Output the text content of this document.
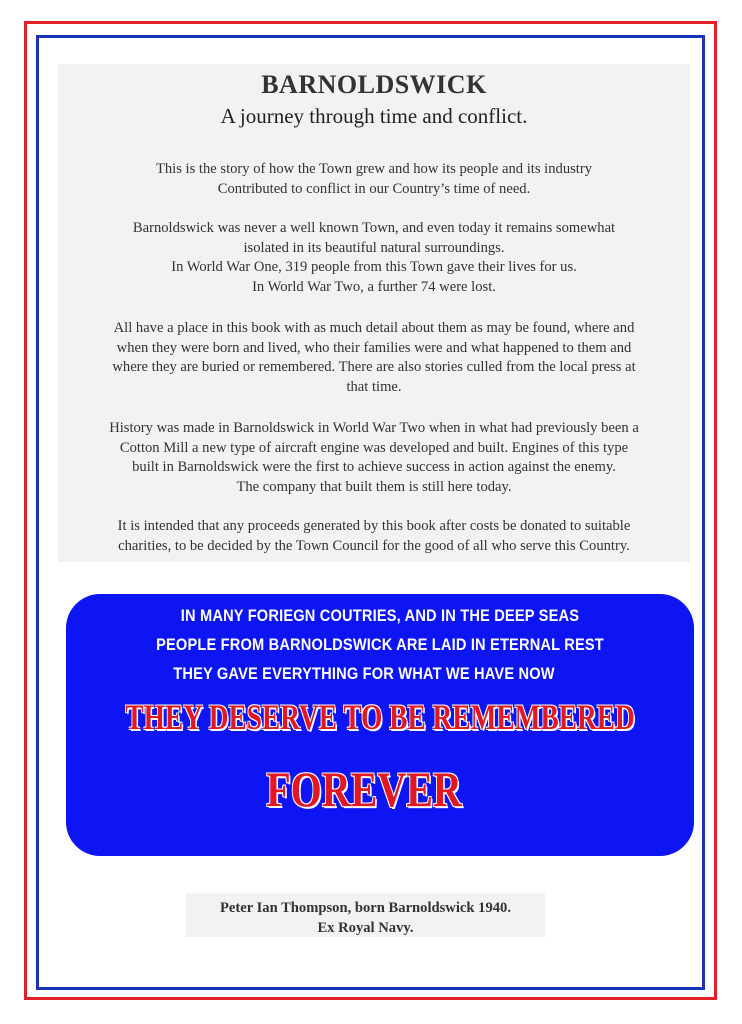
BARNOLDSWICK
A journey through time and conflict.
This is the story of how the Town grew and how its people and its industry
Contributed to conflict in our Country’s time of need.
Barnoldswick was never a well known Town, and even today it remains somewhat
isolated in its beautiful natural surroundings.
In World War One, 319 people from this Town gave their lives for us.
In World War Two, a further 74 were lost.
All have a place in this book with as much detail about them as may be found, where and
when they were born and lived, who their families were and what happened to them and
where they are buried or remembered. There are also stories culled from the local press at
that time.
History was made in Barnoldswick in World War Two when in what had previously been a
Cotton Mill a new type of aircraft engine was developed and built. Engines of this type
built in Barnoldswick were the first to achieve success in action against the enemy.
The company that built them is still here today.
It is intended that any proceeds generated by this book after costs be donated to suitable
charities, to be decided by the Town Council for the good of all who serve this Country.
IN MANY FORIEGN COUTRIES, AND IN THE DEEP SEAS
PEOPLE FROM BARNOLDSWICK ARE LAID IN ETERNAL REST
THEY GAVE EVERYTHING FOR WHAT WE HAVE NOW
THEY DESERVE TO BE REMEMBERED
FOREVER
Peter Ian Thompson, born Barnoldswick 1940.
Ex Royal Navy.
